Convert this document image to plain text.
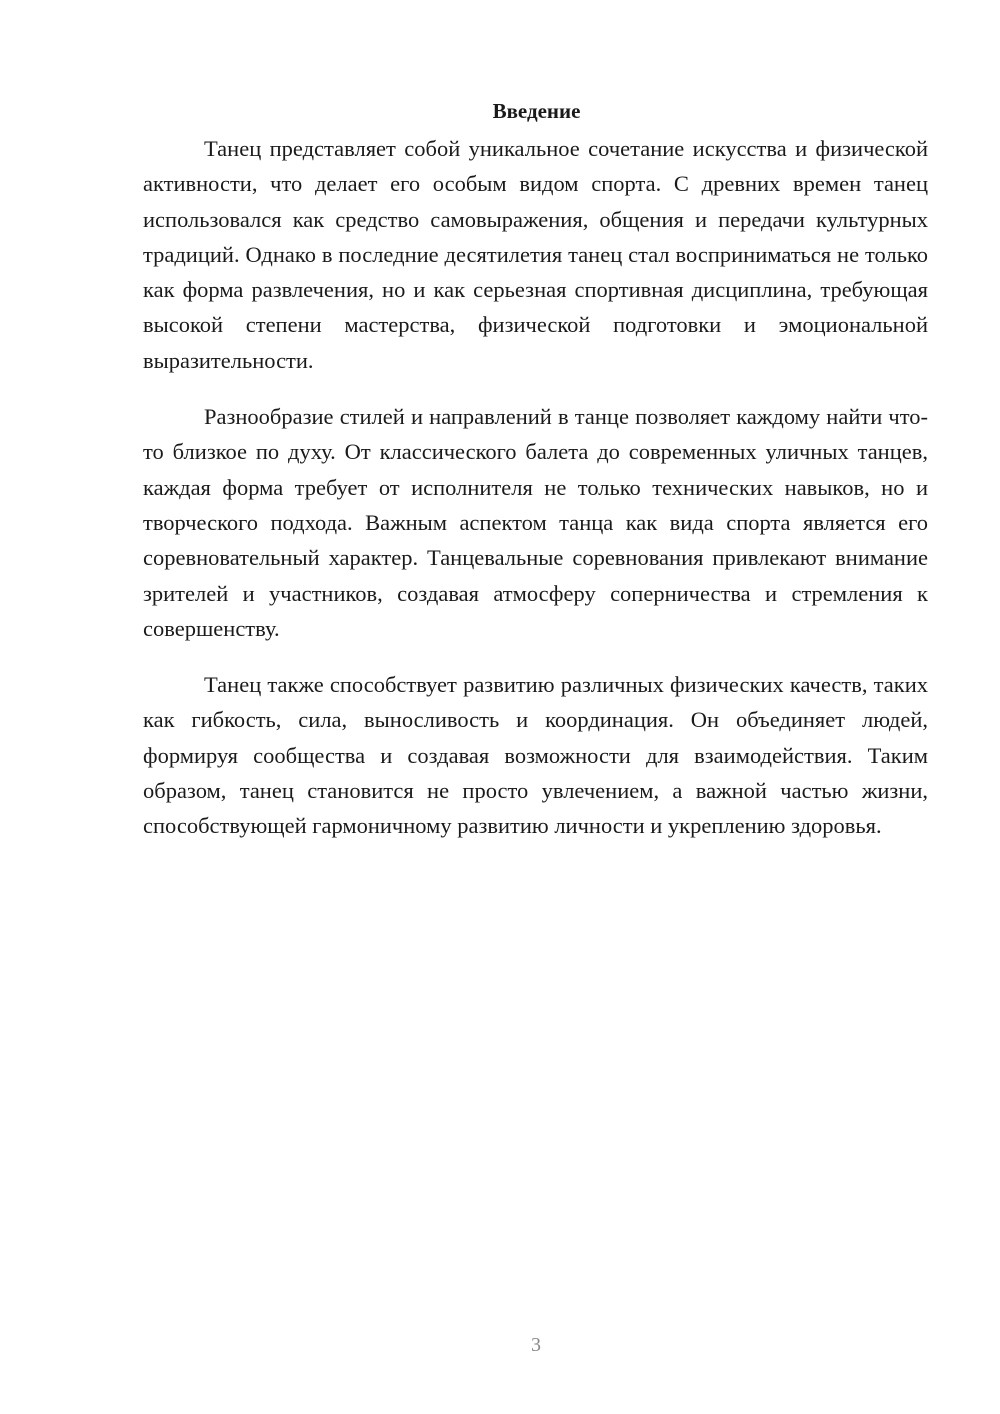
Введение

Танец представляет собой уникальное сочетание искусства и физической активности, что делает его особым видом спорта. С древних времен танец использовался как средство самовыражения, общения и передачи культурных традиций. Однако в последние десятилетия танец стал восприниматься не только как форма развлечения, но и как серьезная спортивная дисциплина, требующая высокой степени мастерства, физической подготовки и эмоциональной выразительности.

Разнообразие стилей и направлений в танце позволяет каждому найти что-то близкое по духу. От классического балета до современных уличных танцев, каждая форма требует от исполнителя не только технических навыков, но и творческого подхода. Важным аспектом танца как вида спорта является его соревновательный характер. Танцевальные соревнования привлекают внимание зрителей и участников, создавая атмосферу соперничества и стремления к совершенству.

Танец также способствует развитию различных физических качеств, таких как гибкость, сила, выносливость и координация. Он объединяет людей, формируя сообщества и создавая возможности для взаимодействия. Таким образом, танец становится не просто увлечением, а важной частью жизни, способствующей гармоничному развитию личности и укреплению здоровья.

3
